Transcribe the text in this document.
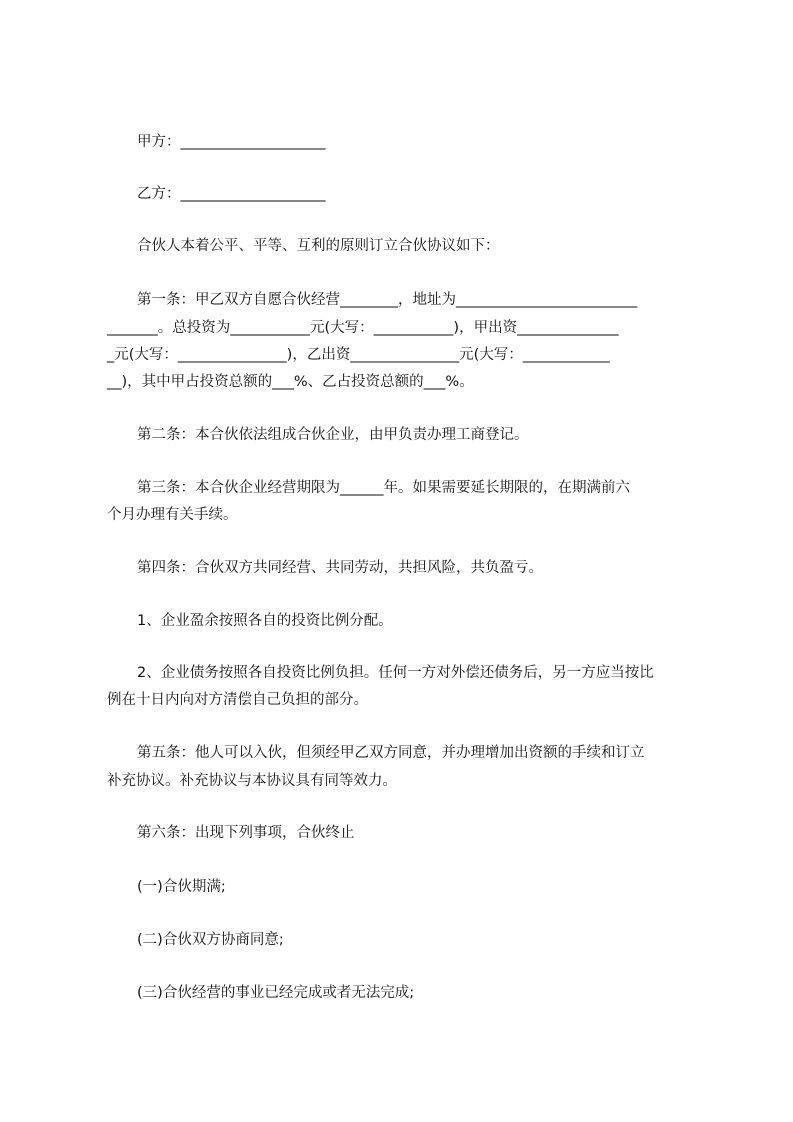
甲方：____________________
乙方：____________________
合伙人本着公平、平等、互利的原则订立合伙协议如下：
第一条：甲乙双方自愿合伙经营________，地址为_________________________
_______。总投资为___________元(大写：___________)，甲出资______________
_元(大写：_______________)，乙出资_______________元(大写：____________
__)，其中甲占投资总额的___%、乙占投资总额的___%。
第二条：本合伙依法组成合伙企业，由甲负责办理工商登记。
第三条：本合伙企业经营期限为______年。如果需要延长期限的，在期满前六
个月办理有关手续。
第四条：合伙双方共同经营、共同劳动，共担风险，共负盈亏。
1、企业盈余按照各自的投资比例分配。
2、企业债务按照各自投资比例负担。任何一方对外偿还债务后，另一方应当按比
例在十日内向对方清偿自己负担的部分。
第五条：他人可以入伙，但须经甲乙双方同意，并办理增加出资额的手续和订立
补充协议。补充协议与本协议具有同等效力。
第六条：出现下列事项，合伙终止
(一)合伙期满;
(二)合伙双方协商同意;
(三)合伙经营的事业已经完成或者无法完成;
